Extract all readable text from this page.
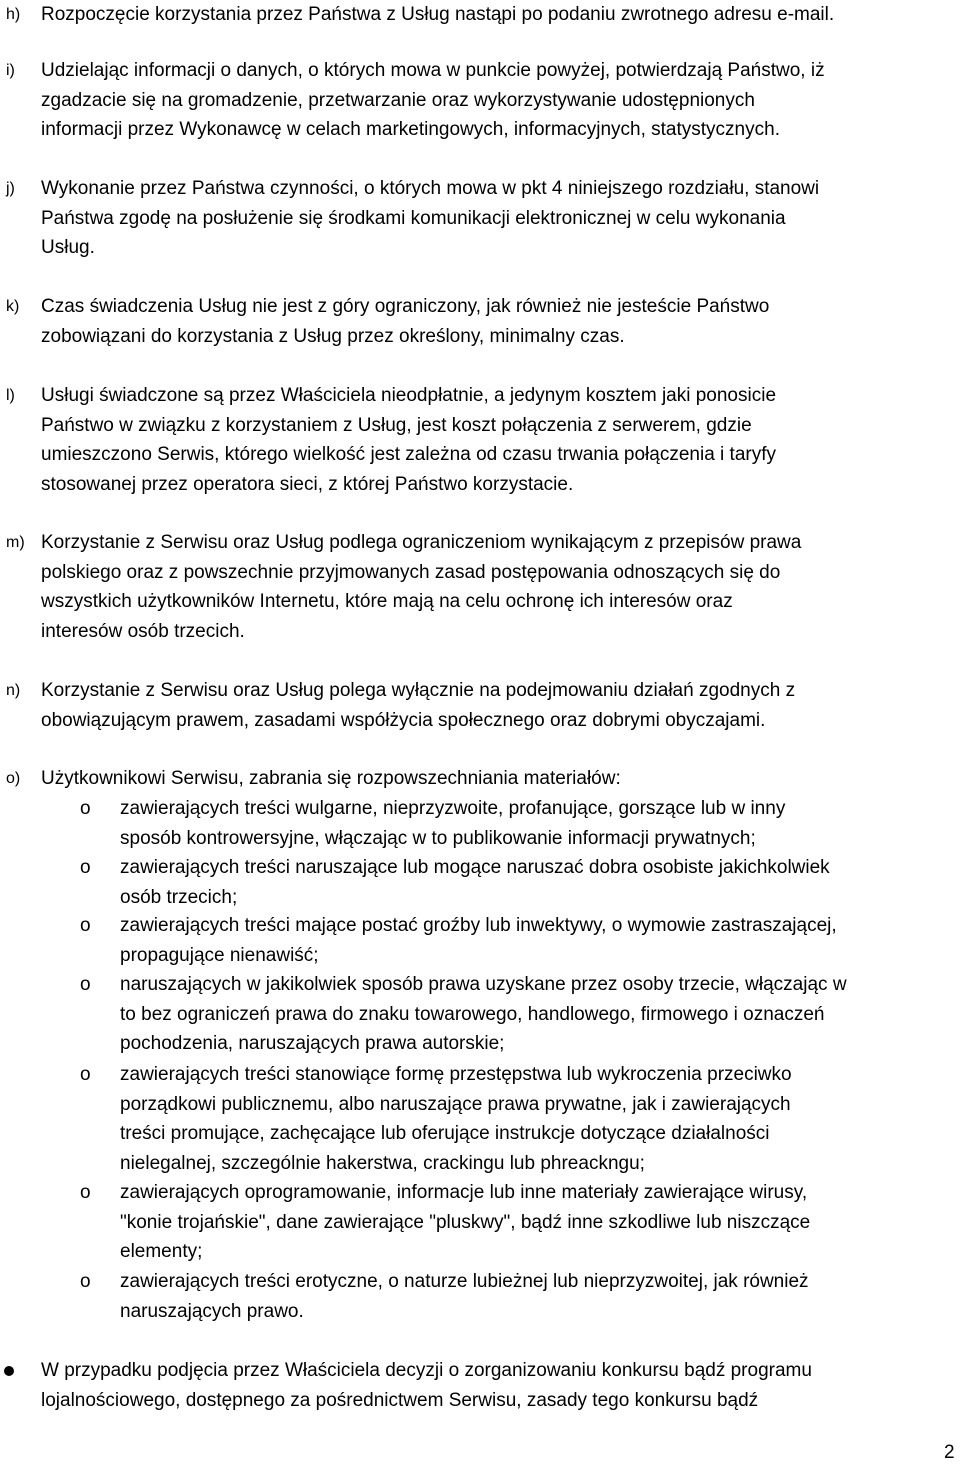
h) Rozpoczęcie korzystania przez Państwa z Usług nastąpi po podaniu zwrotnego adresu e-mail.
i) Udzielając informacji o danych, o których mowa w punkcie powyżej, potwierdzają Państwo, iż
zgadzacie się na gromadzenie, przetwarzanie oraz wykorzystywanie udostępnionych
informacji przez Wykonawcę w celach marketingowych, informacyjnych, statystycznych.
j) Wykonanie przez Państwa czynności, o których mowa w pkt 4 niniejszego rozdziału, stanowi
Państwa zgodę na posłużenie się środkami komunikacji elektronicznej w celu wykonania
Usług.
k) Czas świadczenia Usług nie jest z góry ograniczony, jak również nie jesteście Państwo
zobowiązani do korzystania z Usług przez określony, minimalny czas.
l) Usługi świadczone są przez Właściciela nieodpłatnie, a jedynym kosztem jaki ponosicie
Państwo w związku z korzystaniem z Usług, jest koszt połączenia z serwerem, gdzie
umieszczono Serwis, którego wielkość jest zależna od czasu trwania połączenia i taryfy
stosowanej przez operatora sieci, z której Państwo korzystacie.
m) Korzystanie z Serwisu oraz Usług podlega ograniczeniom wynikającym z przepisów prawa
polskiego oraz z powszechnie przyjmowanych zasad postępowania odnoszących się do
wszystkich użytkowników Internetu, które mają na celu ochronę ich interesów oraz
interesów osób trzecich.
n) Korzystanie z Serwisu oraz Usług polega wyłącznie na podejmowaniu działań zgodnych z
obowiązującym prawem, zasadami współżycia społecznego oraz dobrymi obyczajami.
o) Użytkownikowi Serwisu, zabrania się rozpowszechniania materiałów:
o zawierających treści wulgarne, nieprzyzwoite, profanujące, gorszące lub w inny
sposób kontrowersyjne, włączając w to publikowanie informacji prywatnych;
o zawierających treści naruszające lub mogące naruszać dobra osobiste jakichkolwiek
osób trzecich;
o zawierających treści mające postać groźby lub inwektywy, o wymowie zastraszającej,
propagujące nienawiść;
o naruszających w jakikolwiek sposób prawa uzyskane przez osoby trzecie, włączając w
to bez ograniczeń prawa do znaku towarowego, handlowego, firmowego i oznaczeń
pochodzenia, naruszających prawa autorskie;
o zawierających treści stanowiące formę przestępstwa lub wykroczenia przeciwko
porządkowi publicznemu, albo naruszające prawa prywatne, jak i zawierających
treści promujące, zachęcające lub oferujące instrukcje dotyczące działalności
nielegalnej, szczególnie hakerstwa, crackingu lub phreackngu;
o zawierających oprogramowanie, informacje lub inne materiały zawierające wirusy,
"konie trojańskie", dane zawierające "pluskwy", bądź inne szkodliwe lub niszczące
elementy;
o zawierających treści erotyczne, o naturze lubieżnej lub nieprzyzwoitej, jak również
naruszających prawo.
W przypadku podjęcia przez Właściciela decyzji o zorganizowaniu konkursu bądź programu
lojalnościowego, dostępnego za pośrednictwem Serwisu, zasady tego konkursu bądź
2
